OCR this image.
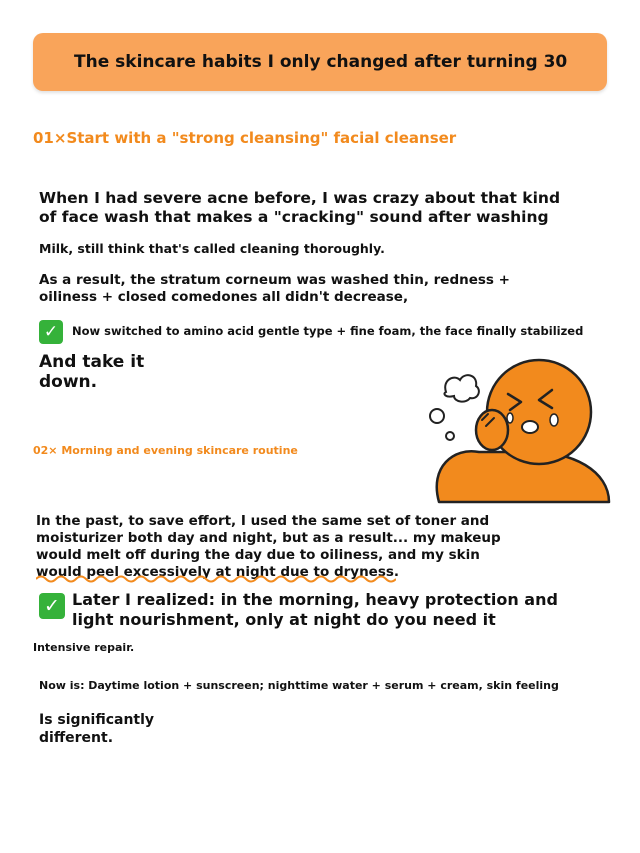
The skincare habits I only changed after turning 30
01×Start with a "strong cleansing" facial cleanser
When I had severe acne before, I was crazy about that kind of face wash that makes a "cracking" sound after washing
Milk, still think that's called cleaning thoroughly.
As a result, the stratum corneum was washed thin, redness + oiliness + closed comedones all didn't decrease,
✓	Now switched to amino acid gentle type + fine foam, the face finally stabilized
And take it down.
02× Morning and evening skincare routine
In the past, to save effort, I used the same set of toner and moisturizer both day and night, but as a result... my makeup would melt off during the day due to oiliness, and my skin would peel excessively at night due to dryness.
✓ Later I realized: in the morning, heavy protection and light nourishment, only at night do you need it
Intensive repair.
Now is: Daytime lotion + sunscreen; nighttime water + serum + cream, skin feeling
Is significantly different.
